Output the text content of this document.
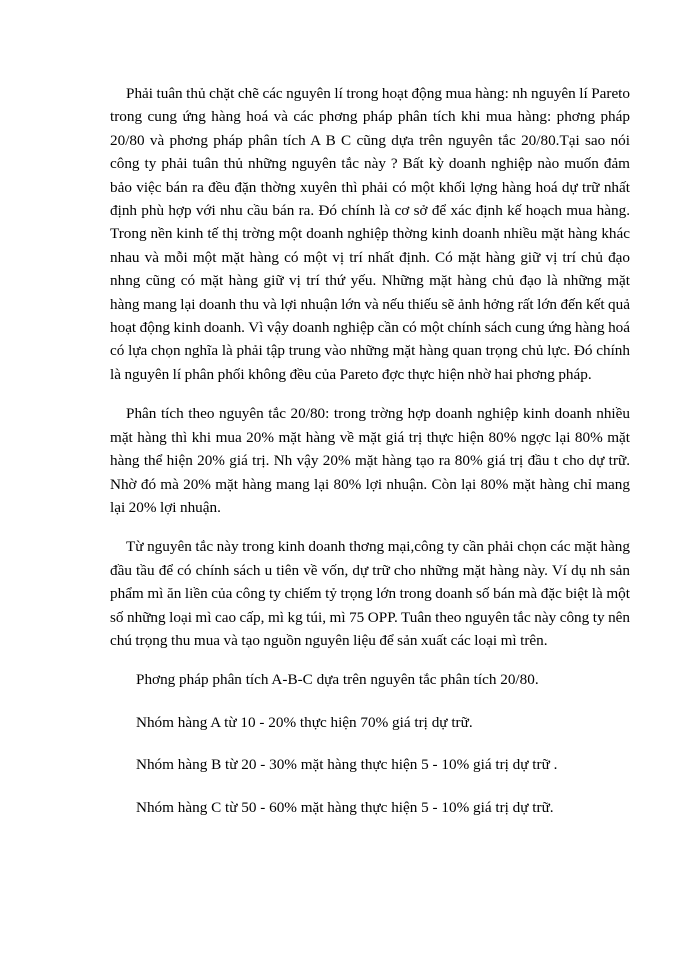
Phải tuân thủ chặt chẽ các nguyên lí trong hoạt động mua hàng: nh nguyên lí Pareto trong cung ứng hàng hoá và các phơng pháp phân tích khi mua hàng: phơng pháp 20/80 và phơng pháp phân tích A B C cũng dựa trên nguyên tắc 20/80.Tại sao nói công ty phải tuân thủ những nguyên tắc này ? Bất kỳ doanh nghiệp nào muốn đảm bảo việc bán ra đều đặn thờng xuyên thì phải có một khối lợng hàng hoá dự trữ nhất định phù hợp với nhu cầu bán ra. Đó chính là cơ sở để xác định kế hoạch mua hàng. Trong nền kinh tế thị trờng một doanh nghiệp thờng kinh doanh nhiều mặt hàng khác nhau và mỗi một mặt hàng có một vị trí nhất định. Có mặt hàng giữ vị trí chủ đạo nhng cũng có mặt hàng giữ vị trí thứ yếu. Những mặt hàng chủ đạo là những mặt hàng mang lại doanh thu và lợi nhuận lớn và nếu thiếu sẽ ảnh hởng rất lớn đến kết quả hoạt động kinh doanh. Vì vậy doanh nghiệp cần có một chính sách cung ứng hàng hoá có lựa chọn nghĩa là phải tập trung vào những mặt hàng quan trọng chủ lực. Đó chính là nguyên lí phân phối không đều của Pareto đợc thực hiện nhờ hai phơng pháp.

Phân tích theo nguyên tắc 20/80: trong trờng hợp doanh nghiệp kinh doanh nhiều mặt hàng thì khi mua 20% mặt hàng về mặt giá trị thực hiện 80% ngợc lại 80% mặt hàng thể hiện 20% giá trị. Nh vậy 20% mặt hàng tạo ra 80% giá trị đầu t cho dự trữ. Nhờ đó mà 20% mặt hàng mang lại 80% lợi nhuận. Còn lại 80% mặt hàng chỉ mang lại 20% lợi nhuận.

Từ nguyên tắc này trong kinh doanh thơng mại,công ty cần phải chọn các mặt hàng đầu tầu để có chính sách u tiên về vốn, dự trữ cho những mặt hàng này. Ví dụ nh sản phẩm mì ăn liền của công ty chiếm tỷ trọng lớn trong doanh số bán mà đặc biệt là một số những loại mì cao cấp, mì kg túi, mì 75 OPP. Tuân theo nguyên tắc này công ty nên chú trọng thu mua và tạo nguồn nguyên liệu để sản xuất các loại mì trên.

Phơng pháp phân tích A-B-C dựa trên nguyên tắc phân tích 20/80.
Nhóm hàng A từ 10 - 20% thực hiện 70% giá trị dự trữ.
Nhóm hàng B từ 20 - 30% mặt hàng thực hiện 5 - 10% giá trị dự trữ .
Nhóm hàng C từ 50 - 60% mặt hàng thực hiện 5 - 10% giá trị dự trữ.
